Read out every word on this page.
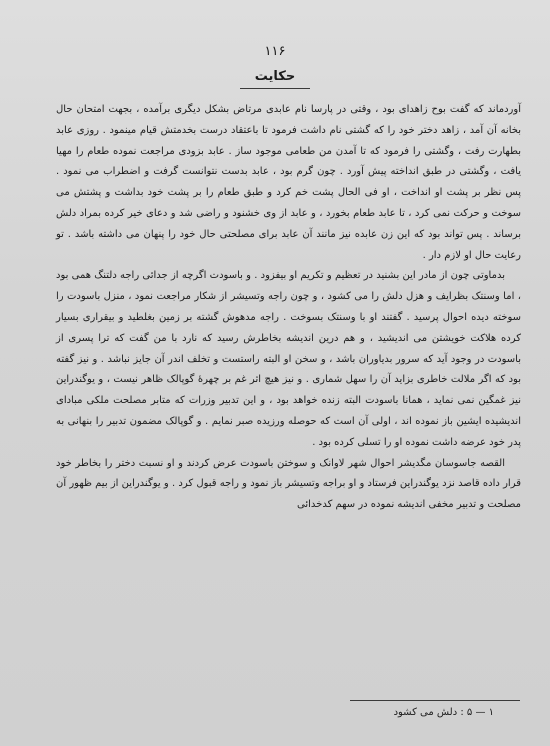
۱۱۶
حکایت

آوردماند که گفت بوح زاهدای بود ، وقتی در پارسا نام عابدی مرتاض بشکل دیگری برآمده ، بجهت امتحان حال بخانه آن آمد ، زاهد دختر خود را که گشتی نام داشت فرمود تا باعتقاد درست بخدمتش قیام مینمود . روزی عابد بطهارت رفت ، وگشتی را فرمود که تا آمدن من طعامی موجود ساز . عابد بزودی مراجعت نموده طعام را مهیا یافت ، وگشتی در طبق انداخته پیش آورد . چون گرم بود ، عابد بدست نتوانست گرفت و اضطراب می نمود . پس نظر بر پشت او انداخت ، او فی الحال پشت خم کرد و طبق طعام را بر پشت خود بداشت و پشتش می سوخت و حرکت نمی کرد ، تا عابد طعام بخورد ، و عابد از وی خشنود و راضی شد و دعای خیر کرده بمراد دلش برساند . پس تواند بود که این زن عابده نیز مانند آن عابد برای مصلحتی حال خود را پنهان می داشته باشد . تو رعایت حال او لازم دار .

بدماوتی چون از مادر این بشنید در تعظیم و تکریم او بیفزود . و باسودت اگرچه از جدائی راجه دلتنگ همی بود ، اما وسنتک بظرایف و هزل دلش را می کشود ، و چون راجه وتسیشر از شکار مراجعت نمود ، منزل باسودت را سوخته دیده احوال پرسید . گفتند او با وسنتک بسوخت . راجه مدهوش گشته بر زمین بغلطید و بیقراری بسیار کرده هلاکت خویشتن می اندیشید ، و هم درین اندیشه بخاطرش رسید که نارد با من گفت که ترا پسری از باسودت در وجود آید که سرور بدیاوران باشد ، و سخن او البته راستست و تخلف اندر آن جایز نباشد . و نیز گفته بود که اگر ملالت خاطری بزاید آن را سهل شماری . و نیز هیچ اثر غم بر چهرهٔ گوپالک ظاهر نیست ، و یوگندراین نیز غمگین نمی نماید ، همانا باسودت البته زنده خواهد بود ، و این تدبیر وزرات که متابر مصلحت ملکی مبادای اندیشیده ایشین باز نموده اند ، اولی آن است که حوصله ورزیده صبر نمایم . و گوپالک مضمون تدبیر را بنهانی به پدر خود عرضه داشت نموده او را تسلی کرده بود .

القصه جاسوسان مگدیشر احوال شهر لاوانک و سوختن باسودت عرض کردند و او نسبت دختر را بخاطر خود قرار داده قاصد نزد یوگندراین فرستاد و او براجه وتسیشر باز نمود و راجه قبول کرد . و یوگندراین از بیم ظهور آن مصلحت و تدبیر مخفی اندیشه نموده در سهم کدخدائی

۱ — ۵ : دلش می کشود
